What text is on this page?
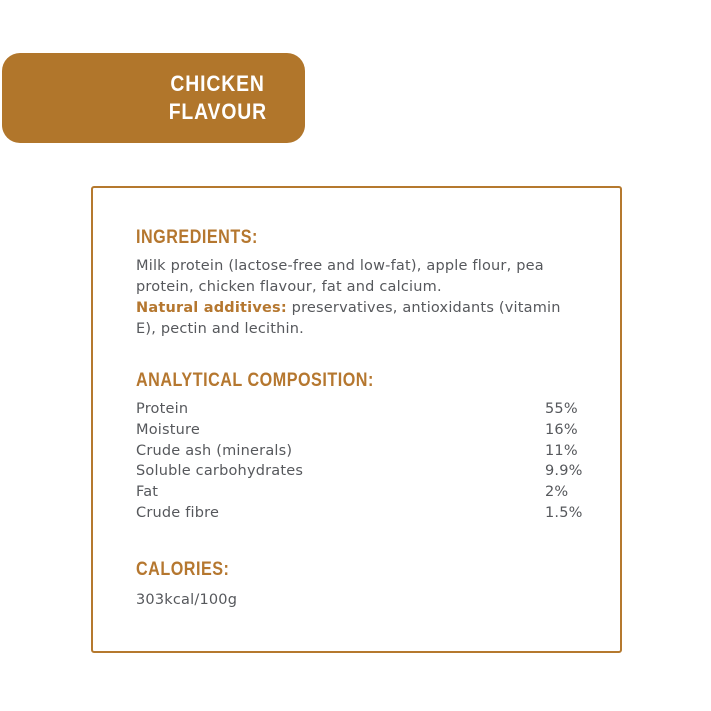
CHICKEN
FLAVOUR
INGREDIENTS:

Milk protein (lactose-free and low-fat), apple flour, pea protein, chicken flavour, fat and calcium.
Natural additives: preservatives, antioxidants (vitamin E), pectin and lecithin.

ANALYTICAL COMPOSITION:
Protein	55%
Moisture	16%
Crude ash (minerals)	11%
Soluble carbohydrates	9.9%
Fat	2%
Crude fibre	1.5%
CALORIES:

303kcal/100g
